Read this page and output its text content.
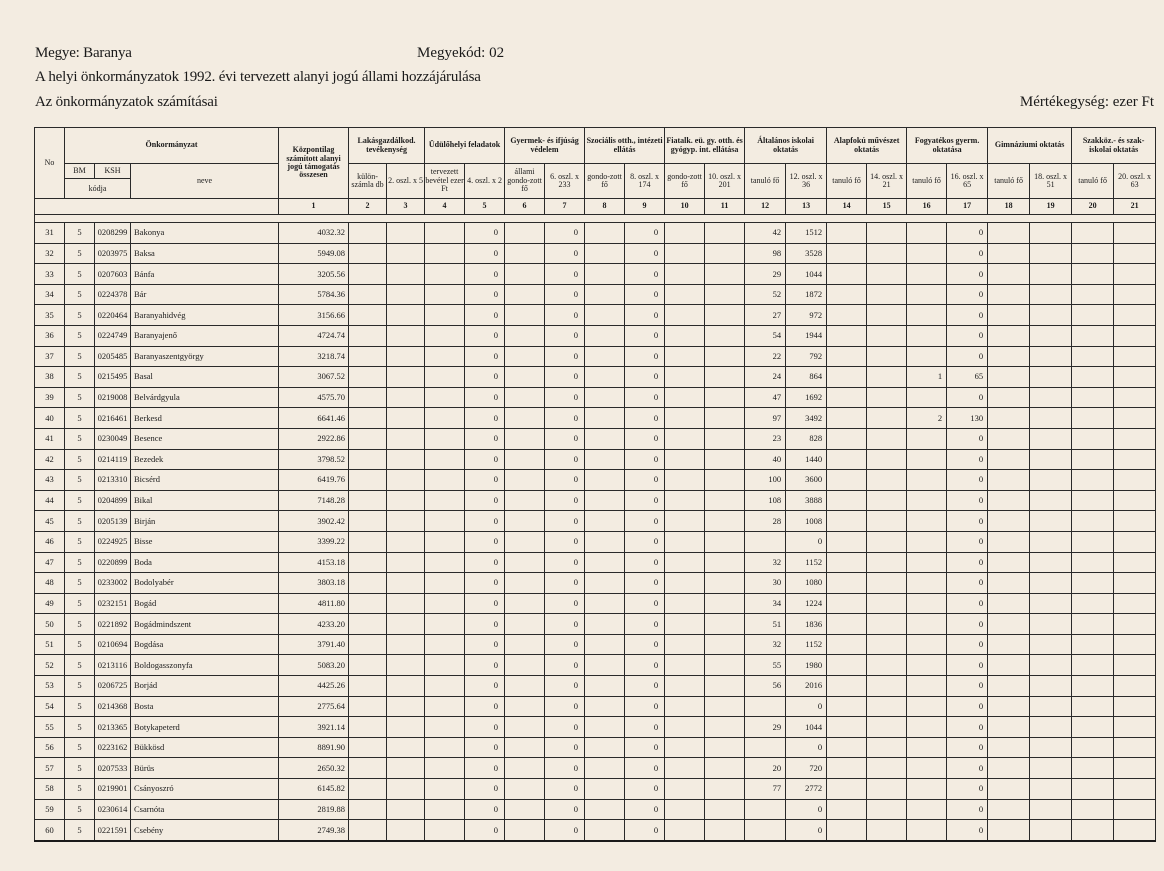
Megye: Baranya	Megyekód: 02
A helyi önkormányzatok 1992. évi tervezett alanyi jogú állami hozzájárulása
Az önkormányzatok számításai	Mértékegység: ezer Ft
No	Önkormányzat			Központilag számított alanyi jogú támogatás összesen	Lakásgazdálkod. tevékenység		Üdülőhelyi feladatok		Gyermek- és ifjúság védelem		Szociális otth., intézeti ellátás		Fiatalk. eü. gy. otth. és gyógyp. int. ellátása		Általános iskolai oktatás		Alapfokú művészet oktatás		Fogyatékos gyerm. oktatása		Gimnáziumi oktatás		Szakköz.- és szak-iskolai oktatás	
	BM	KSH	neve		külön-számla db	2. oszl. x 5	tervezett bevétel ezer Ft	4. oszl. x 2	állami gondo-zott fő	6. oszl. x 233	gondo-zott fő	8. oszl. x 174	gondo-zott fő	10. oszl. x 201	tanuló fő	12. oszl. x 36	tanuló fő	14. oszl. x 21	tanuló fő	16. oszl. x 65	tanuló fő	18. oszl. x 51	tanuló fő	20. oszl. x 63
	kódja																							
				1	2	3	4	5	6	7	8	9	10	11	12	13	14	15	16	17	18	19	20	21

31	5	0208299	Bakonya	4032.32				0		0		0			42	1512				0				
32	5	0203975	Baksa	5949.08				0		0		0			98	3528				0				
33	5	0207603	Bánfa	3205.56				0		0		0			29	1044				0				
34	5	0224378	Bár	5784.36				0		0		0			52	1872				0				
35	5	0220464	Baranyahidvég	3156.66				0		0		0			27	972				0				
36	5	0224749	Baranyajenő	4724.74				0		0		0			54	1944				0				
37	5	0205485	Baranyaszentgyörgy	3218.74				0		0		0			22	792				0				
38	5	0215495	Basal	3067.52				0		0		0			24	864			1	65				
39	5	0219008	Belvárdgyula	4575.70				0		0		0			47	1692				0				
40	5	0216461	Berkesd	6641.46				0		0		0			97	3492			2	130				
41	5	0230049	Besence	2922.86				0		0		0			23	828				0				
42	5	0214119	Bezedek	3798.52				0		0		0			40	1440				0				
43	5	0213310	Bicsérd	6419.76				0		0		0			100	3600				0				
44	5	0204899	Bikal	7148.28				0		0		0			108	3888				0				
45	5	0205139	Birján	3902.42				0		0		0			28	1008				0				
46	5	0224925	Bisse	3399.22				0		0		0				0				0				
47	5	0220899	Boda	4153.18				0		0		0			32	1152				0				
48	5	0233002	Bodolyabér	3803.18				0		0		0			30	1080				0				
49	5	0232151	Bogád	4811.80				0		0		0			34	1224				0				
50	5	0221892	Bogádmindszent	4233.20				0		0		0			51	1836				0				
51	5	0210694	Bogdása	3791.40				0		0		0			32	1152				0				
52	5	0213116	Boldogasszonyfa	5083.20				0		0		0			55	1980				0				
53	5	0206725	Borjád	4425.26				0		0		0			56	2016				0				
54	5	0214368	Bosta	2775.64				0		0		0				0				0				
55	5	0213365	Botykapeterd	3921.14				0		0		0			29	1044				0				
56	5	0223162	Bükkösd	8891.90				0		0		0				0				0				
57	5	0207533	Bürüs	2650.32				0		0		0			20	720				0				
58	5	0219901	Csányoszró	6145.82				0		0		0			77	2772				0				
59	5	0230614	Csarnóta	2819.88				0		0		0				0				0				
60	5	0221591	Csebény	2749.38				0		0		0				0				0				
